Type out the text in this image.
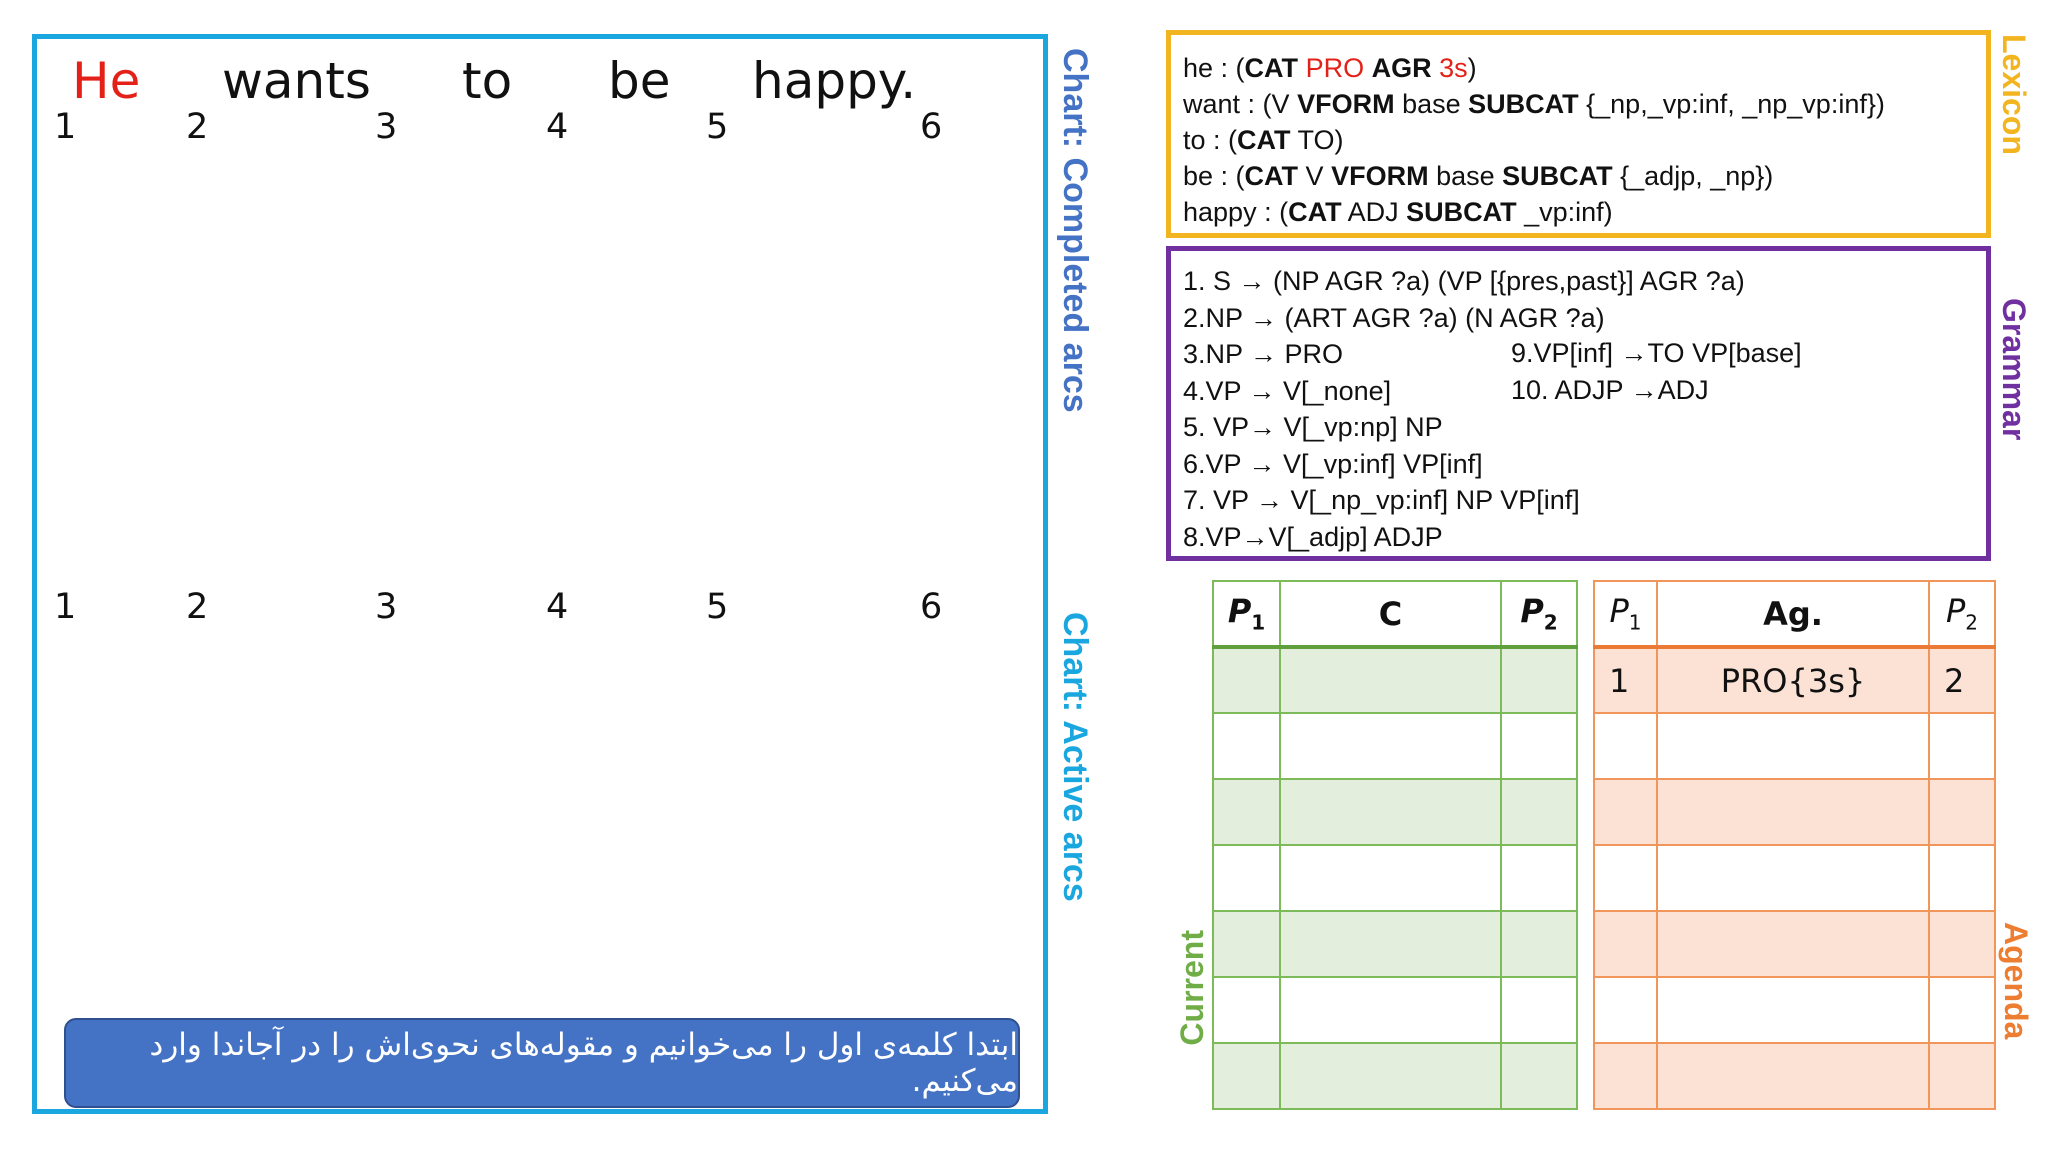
He wants to be happy.
1	2	3	4	5	6
1	2	3	4	5	6
Chart: Completed arcs
Chart: Active arcs
ابتدا کلمه‌ی اول را می‌خوانیم و مقوله‌های نحوی‌اش را در آجاندا وارد می‌کنیم.
he : (CAT PRO AGR 3s)
want : (V VFORM base SUBCAT {_np,_vp:inf, _np_vp:inf})
to : (CAT TO)
be : (CAT V VFORM base SUBCAT {_adjp, _np})
happy : (CAT ADJ SUBCAT _vp:inf)
Lexicon
1. S → (NP AGR ?a) (VP [{pres,past}] AGR ?a)
2.NP → (ART AGR ?a) (N AGR ?a)
3.NP → PRO
4.VP → V[_none]
5. VP→ V[_vp:np] NP
6.VP → V[_vp:inf] VP[inf]
7. VP → V[_np_vp:inf] NP VP[inf]
8.VP→V[_adjp] ADJP
9.VP[inf] →TO VP[base]
10. ADJP →ADJ	Grammar
$P_1$	C	$P_2$

Current
$P_1$	Ag.	$P_2$
1	PRO{3s}	2

Agenda
